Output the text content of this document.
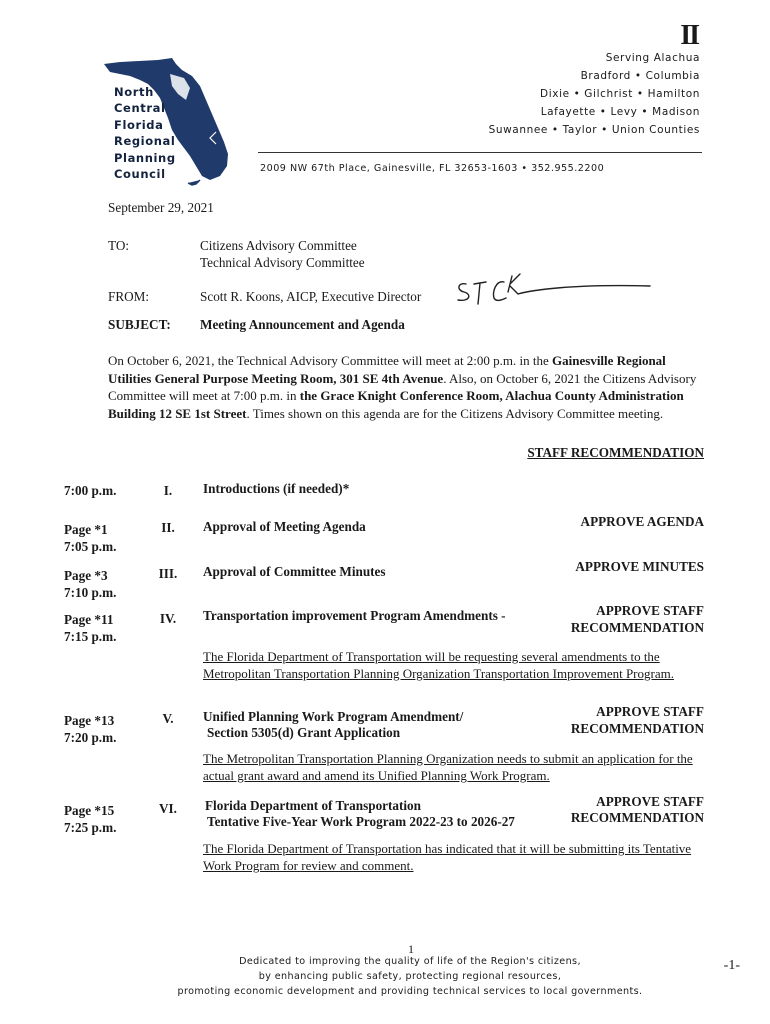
North
Central
Florida
Regional
Planning
Council
II
Serving Alachua
Bradford • Columbia
Dixie • Gilchrist • Hamilton
Lafayette • Levy • Madison
Suwannee • Taylor • Union Counties
2009 NW 67th Place, Gainesville, FL 32653-1603 • 352.955.2200
September 29, 2021
TO:	Citizens Advisory Committee
Technical Advisory Committee
FROM:	Scott R. Koons, AICP, Executive Director
SUBJECT: Meeting Announcement and Agenda
On October 6, 2021, the Technical Advisory Committee will meet at 2:00 p.m. in the Gainesville Regional Utilities General Purpose Meeting Room, 301 SE 4th Avenue. Also, on October 6, 2021 the Citizens Advisory Committee will meet at 7:00 p.m. in the Grace Knight Conference Room, Alachua County Administration Building 12 SE 1st Street. Times shown on this agenda are for the Citizens Advisory Committee meeting.
STAFF RECOMMENDATION
7:00 p.m.	I.	Introductions (if needed)*
Page *1
7:05 p.m.
II.	Approval of Meeting Agenda	APPROVE AGENDA
Page *3
7:10 p.m.
III.	Approval of Committee Minutes	APPROVE MINUTES
Page *11
7:15 p.m.
IV.	Transportation improvement Program Amendments -	APPROVE STAFF
RECOMMENDATION
The Florida Department of Transportation will be requesting several amendments to the Metropolitan Transportation Planning Organization Transportation Improvement Program.
Page *13
7:20 p.m.
V.	Unified Planning Work Program Amendment/
Section 5305(d) Grant Application
APPROVE STAFF
RECOMMENDATION
The Metropolitan Transportation Planning Organization needs to submit an application for the actual grant award and amend its Unified Planning Work Program.
Page *15
7:25 p.m.
VI.	Florida Department of Transportation
Tentative Five-Year Work Program 2022-23 to 2026-27
APPROVE STAFF
RECOMMENDATION
The Florida Department of Transportation has indicated that it will be submitting its Tentative Work Program for review and comment.
1
Dedicated to improving the quality of life of the Region's citizens,
by enhancing public safety, protecting regional resources,
promoting economic development and providing technical services to local governments.
-1-
